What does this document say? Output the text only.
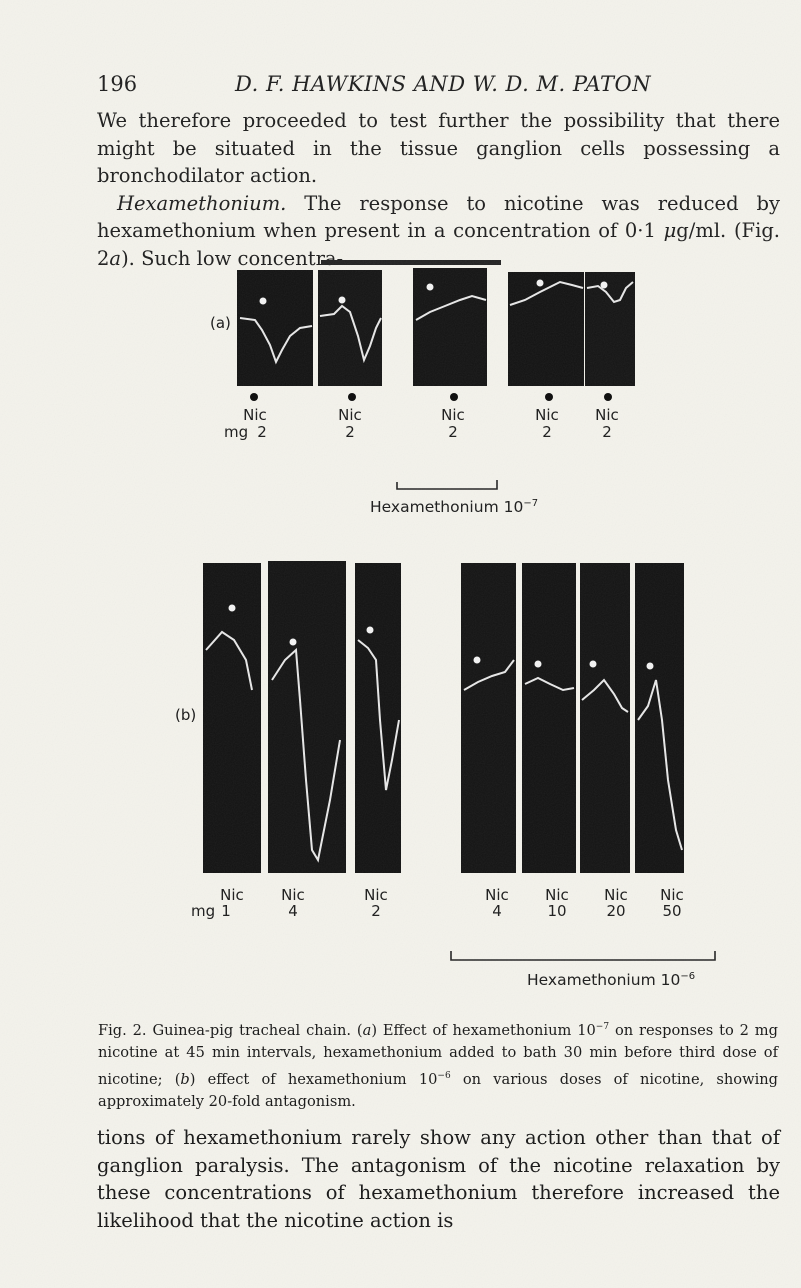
(a)
Nic	Nic	Nic	Nic	Nic
mg 2	2	2	2	2
Hexamethonium $10^{-7}$
(b)
Nic	Nic	Nic	Nic	Nic	Nic	Nic
mg 1	4	2	4	10	20	50
Hexamethonium $10^{-6}$
Fig. 2. Guinea-pig tracheal chain. (a) Effect of hexamethonium $10^{-7}$ on responses to 2 mg nicotine at 45 min intervals, hexamethonium added to bath 30 min before third dose of nicotine; (b) effect of hexamethonium $10^{-6}$ on various doses of nicotine, showing approximately 20-fold antagonism.

tions of hexamethonium rarely show any action other than that of ganglion paralysis. The antagonism of the nicotine relaxation by these concentrations of hexamethonium therefore increased the likelihood that the nicotine action is
